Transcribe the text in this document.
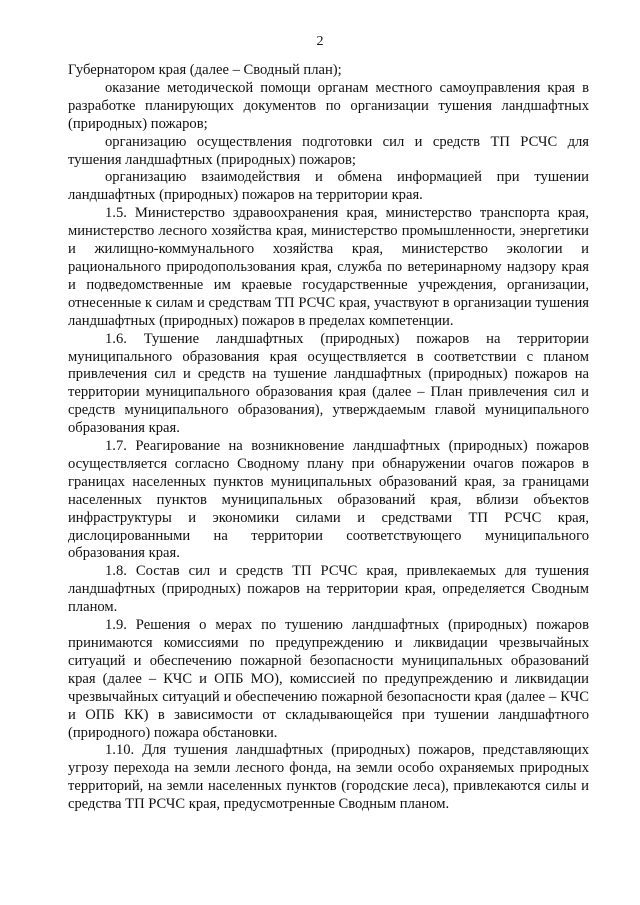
2

Губернатором края (далее – Сводный план);

оказание методической помощи органам местного самоуправления края в разработке планирующих документов по организации тушения ландшафтных (природных) пожаров;

организацию осуществления подготовки сил и средств ТП РСЧС для тушения ландшафтных (природных) пожаров;

организацию взаимодействия и обмена информацией при тушении ландшафтных (природных) пожаров на территории края.

1.5. Министерство здравоохранения края, министерство транспорта края, министерство лесного хозяйства края, министерство промышленности, энергетики и жилищно-коммунального хозяйства края, министерство экологии и рационального природопользования края, служба по ветеринарному надзору края и подведомственные им краевые государственные учреждения, организации, отнесенные к силам и средствам ТП РСЧС края, участвуют в организации тушения ландшафтных (природных) пожаров в пределах компетенции.

1.6. Тушение ландшафтных (природных) пожаров на территории муниципального образования края осуществляется в соответствии с планом привлечения сил и средств на тушение ландшафтных (природных) пожаров на территории муниципального образования края (далее – План привлечения сил и средств муниципального образования), утверждаемым главой муниципального образования края.

1.7. Реагирование на возникновение ландшафтных (природных) пожаров осуществляется согласно Сводному плану при обнаружении очагов пожаров в границах населенных пунктов муниципальных образований края, за границами населенных пунктов муниципальных образований края, вблизи объектов инфраструктуры и экономики силами и средствами ТП РСЧС края, дислоцированными на территории соответствующего муниципального образования края.

1.8. Состав сил и средств ТП РСЧС края, привлекаемых для тушения ландшафтных (природных) пожаров на территории края, определяется Сводным планом.

1.9. Решения о мерах по тушению ландшафтных (природных) пожаров принимаются комиссиями по предупреждению и ликвидации чрезвычайных ситуаций и обеспечению пожарной безопасности муниципальных образований края (далее – КЧС и ОПБ МО), комиссией по предупреждению и ликвидации чрезвычайных ситуаций и обеспечению пожарной безопасности края (далее – КЧС и ОПБ КК) в зависимости от складывающейся при тушении ландшафтного (природного) пожара обстановки.

1.10. Для тушения ландшафтных (природных) пожаров, представляющих угрозу перехода на земли лесного фонда, на земли особо охраняемых природных территорий, на земли населенных пунктов (городские леса), привлекаются силы и средства ТП РСЧС края, предусмотренные Сводным планом.
